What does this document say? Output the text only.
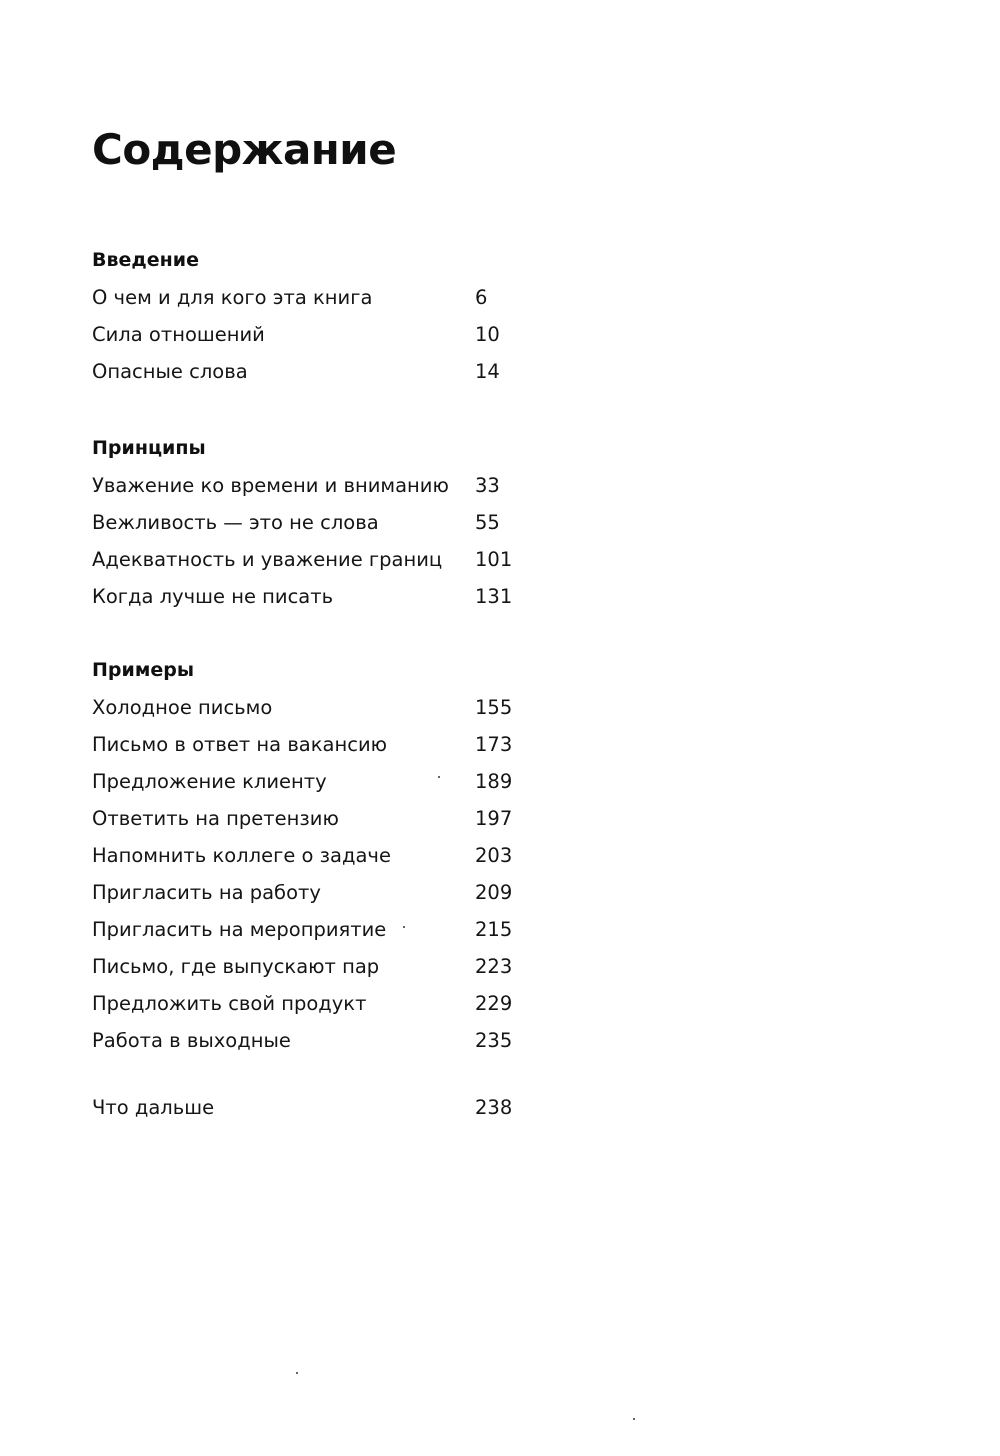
Содержание
Введение
О чем и для кого эта книга	6
Сила отношений	10
Опасные слова	14
Принципы
Уважение ко времени и вниманию 33
Вежливость — это не слова	55
Адекватность и уважение границ 101
Когда лучше не писать	131
Примеры
Холодное письмо	155
Письмо в ответ на вакансию	173
Предложение клиенту	189
Ответить на претензию	197
Напомнить коллеге о задаче	203
Пригласить на работу	209
Пригласить на мероприятие	215
Письмо, где выпускают пар	223
Предложить свой продукт	229
Работа в выходные	235
Что дальше	238
